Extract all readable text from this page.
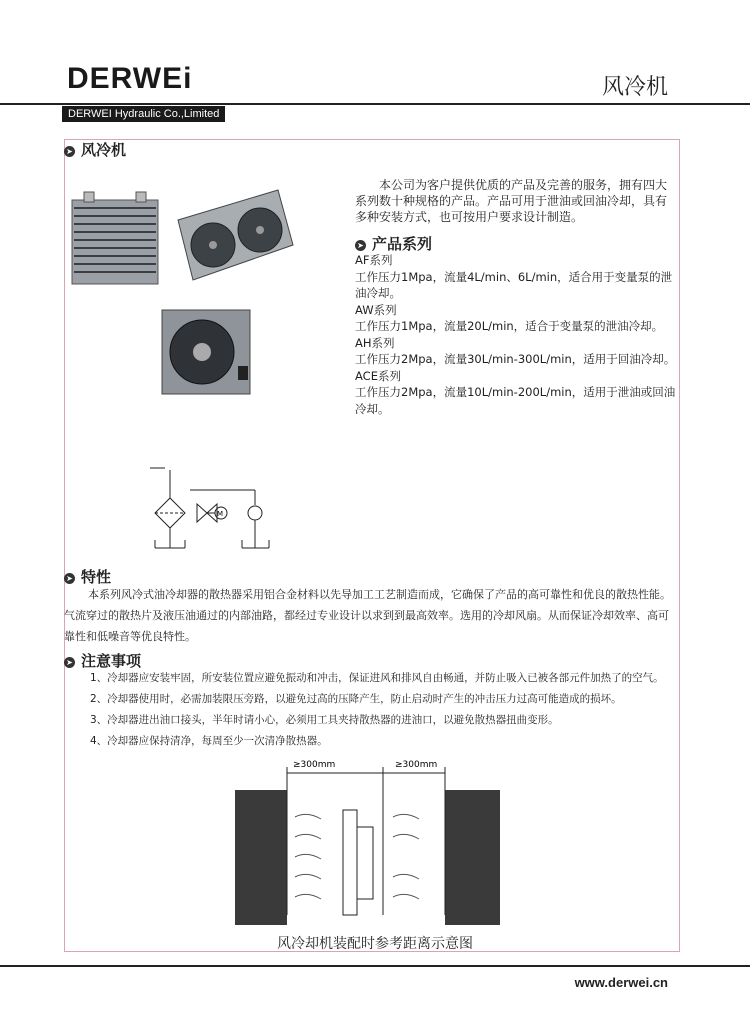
DERWEi	风冷机
DERWEI Hydraulic Co.,Limited
➤ 风冷机
本公司为客户提供优质的产品及完善的服务，拥有四大系列数十种规格的产品。产品可用于泄油或回油冷却，具有多种安装方式，也可按用户要求设计制造。
➤ 产品系列
AF系列
工作压力1Mpa，流量4L/min、6L/min，适合用于变量泵的泄油冷却。
AW系列
工作压力1Mpa，流量20L/min，适合于变量泵的泄油冷却。
AH系列
工作压力2Mpa，流量30L/min-300L/min，适用于回油冷却。
ACE系列
工作压力2Mpa，流量10L/min-200L/min，适用于泄油或回油冷却。
M
➤ 特性
本系列风冷式油冷却器的散热器采用铝合金材料以先导加工工艺制造而成，它确保了产品的高可靠性和优良的散热性能。气流穿过的散热片及液压油通过的内部油路，都经过专业设计以求到到最高效率。选用的冷却风扇。从而保证冷却效率、高可靠性和低噪音等优良特性。
➤ 注意事项
1、冷却器应安装牢固，所安装位置应避免振动和冲击，保证进风和排风自由畅通，并防止吸入已被各部元件加热了的空气。
2、冷却器使用时，必需加装限压旁路，以避免过高的压降产生，防止启动时产生的冲击压力过高可能造成的损坏。
3、冷却器进出油口接头，半年时请小心，必须用工具夹持散热器的进油口，以避免散热器扭曲变形。
4、冷却器应保持清净，每周至少一次清净散热器。
≥300mm	≥300mm
风冷却机装配时参考距离示意图
www.derwei.cn
